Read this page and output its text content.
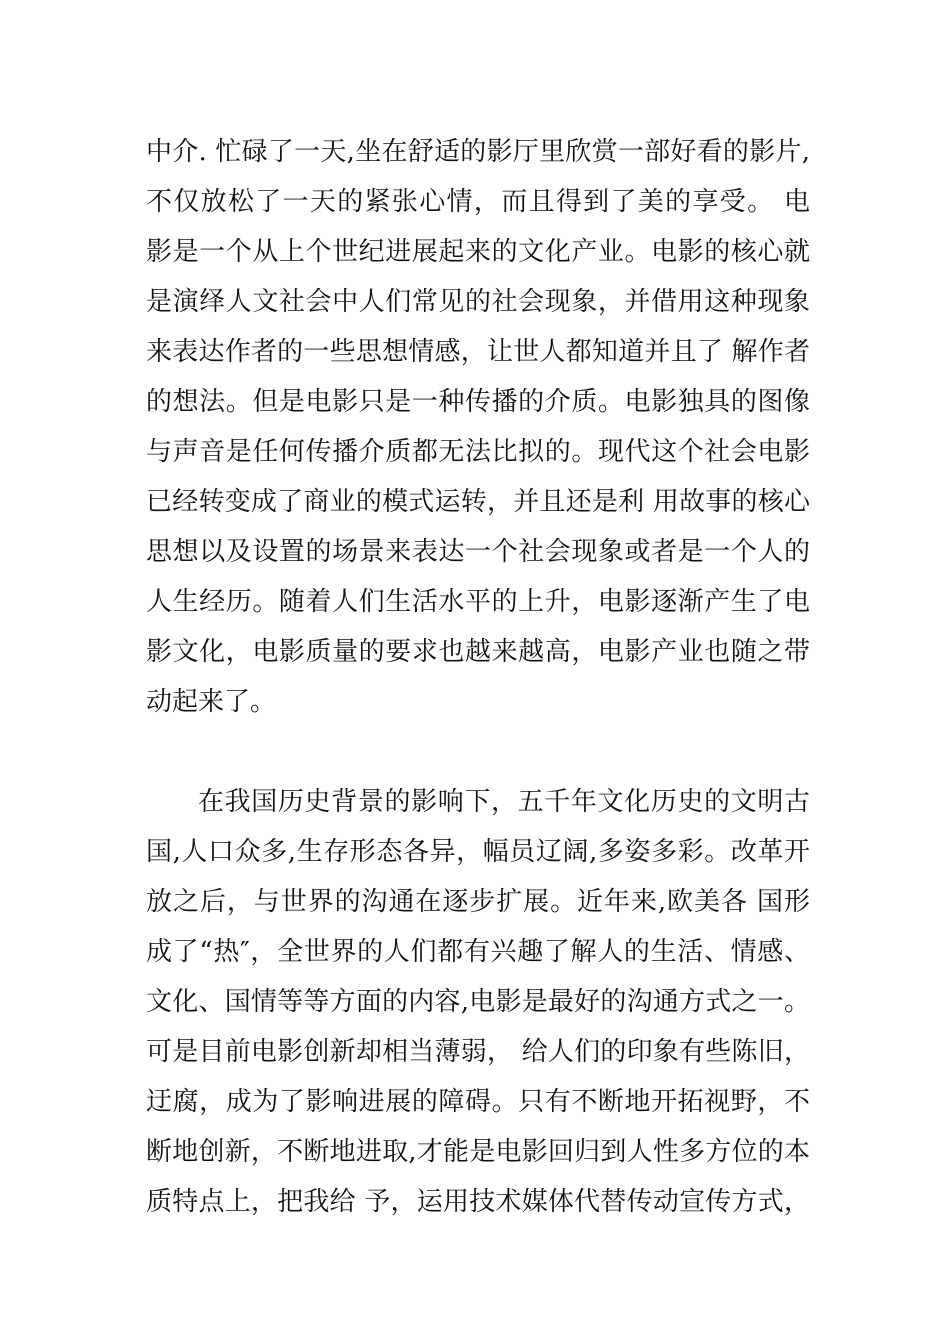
中介. 忙碌了一天,坐在舒适的影厅里欣赏一部好看的影片,
不仅放松了一天的紧张心情，而且得到了美的享受。 电
影是一个从上个世纪进展起来的文化产业。电影的核心就
是演绎人文社会中人们常见的社会现象，并借用这种现象
来表达作者的一些思想情感，让世人都知道并且了 解作者
的想法。但是电影只是一种传播的介质。电影独具的图像
与声音是任何传播介质都无法比拟的。现代这个社会电影
已经转变成了商业的模式运转，并且还是利 用故事的核心
思想以及设置的场景来表达一个社会现象或者是一个人的
人生经历。随着人们生活水平的上升，电影逐渐产生了电
影文化，电影质量的要求也越来越高，电影产业也随之带
动起来了。
在我国历史背景的影响下，五千年文化历史的文明古
国,人口众多,生存形态各异，幅员辽阔,多姿多彩。改革开
放之后，与世界的沟通在逐步扩展。近年来,欧美各 国形
成了“热″，全世界的人们都有兴趣了解人的生活、情感、
文化、国情等等方面的内容,电影是最好的沟通方式之一。
可是目前电影创新却相当薄弱， 给人们的印象有些陈旧，
迂腐，成为了影响进展的障碍。只有不断地开拓视野，不
断地创新，不断地进取,才能是电影回归到人性多方位的本
质特点上，把我给 予，运用技术媒体代替传动宣传方式，
